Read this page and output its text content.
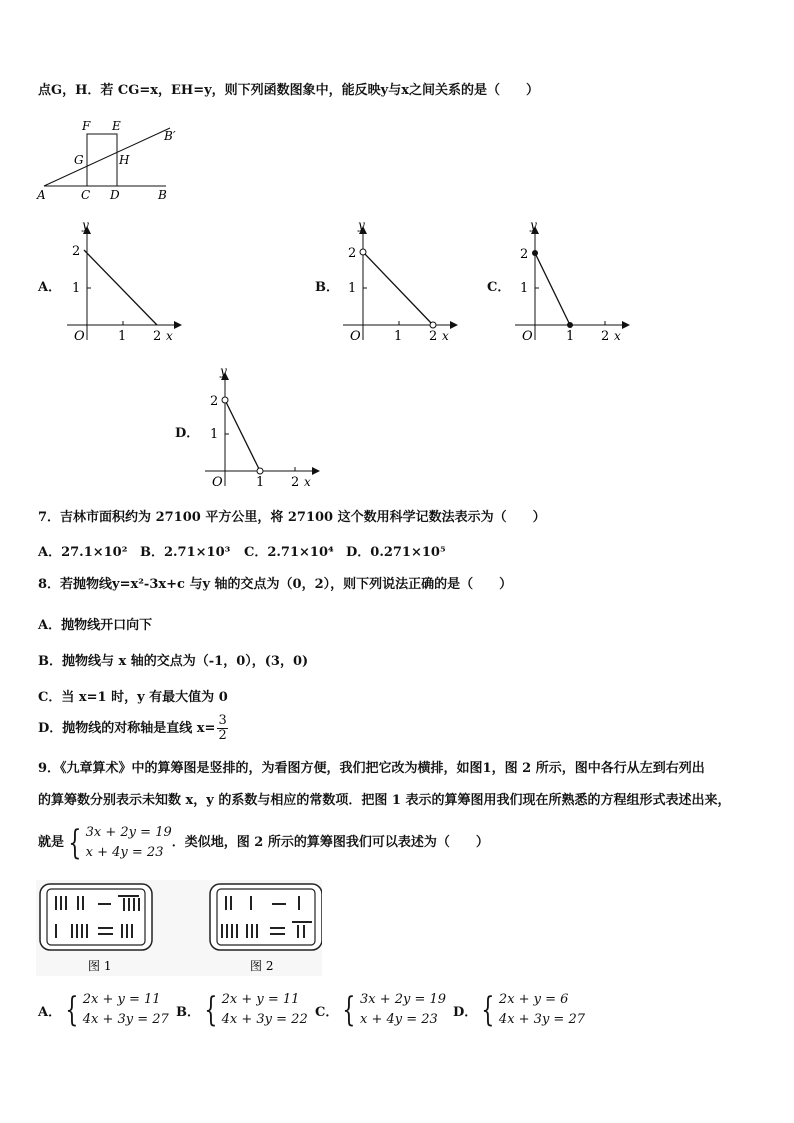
点G，H．若 CG=x，EH=y，则下列函数图象中，能反映y与x之间关系的是（　　）
F E
B′
G	H
A	C D	B
A．
y
2
1
O	1 2 x
B．
y
2
1
O	1 2 x
C．
y
2
1
O	1 2 x
D．
y
2
1
O	1 2 x
7．吉林市面积约为 27100 平方公里，将 27100 这个数用科学记数法表示为（　　）
A．27.1×10² B．2.71×10³ C．2.71×10⁴ D．0.271×10⁵
8．若抛物线y=x²-3x+c 与y 轴的交点为（0，2），则下列说法正确的是（　　）
A．抛物线开口向下
B．抛物线与 x 轴的交点为（-1，0），(3，0)
C．当 x=1 时，y 有最大值为 0
D．抛物线的对称轴是直线 $x= \frac{3}{2}$
9．《九章算术》中的算筹图是竖排的，为看图方便，我们把它改为横排，如图1，图 2 所示，图中各行从左到右列出
的算筹数分别表示未知数 x，y 的系数与相应的常数项．把图 1 表示的算筹图用我们现在所熟悉的方程组形式表述出来，
就是 { 3x + 2y = 19
x + 4y = 23
．类似地，图 2 所示的算筹图我们可以表述为（　　）
图 1	图 2
A． { 2x + y = 11
4x + 3y = 27 B． { 2x + y = 11
4x + 3y = 22 C． { 3x + 2y = 19
x + 4y = 23	D． { 2x + y = 6
4x + 3y = 27
